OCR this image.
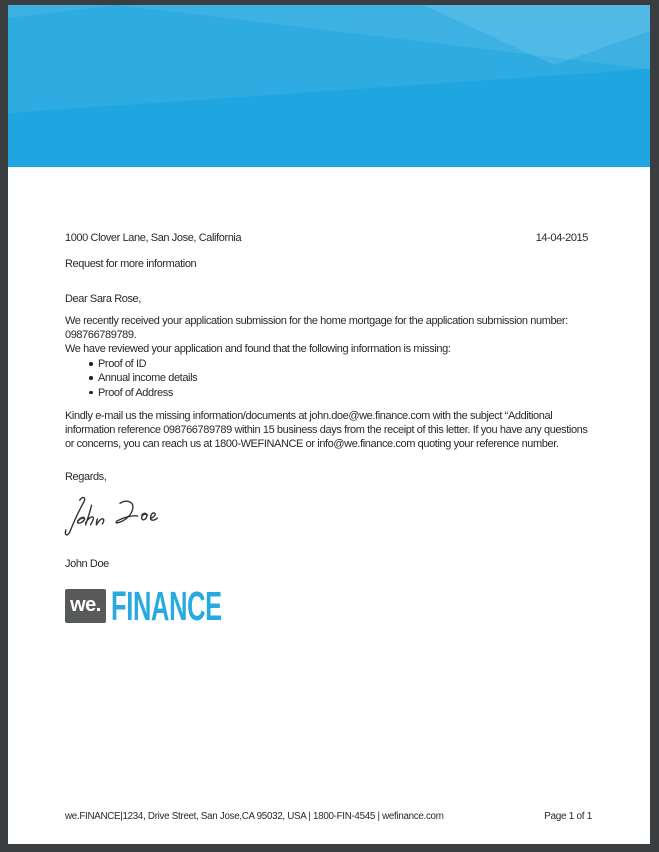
1000 Clover Lane, San Jose, California	14-04-2015
Request for more information
Dear Sara Rose,
We recently received your application submission for the home mortgage for the application submission number:
098766789789.
We have reviewed your application and found that the following information is missing:
Proof of ID
Annual income details
Proof of Address
Kindly e-mail us the missing information/documents at john.doe@we.finance.com with the subject “Additional
information reference 098766789789 within 15 business days from the receipt of this letter. If you have any questions
or concerns, you can reach us at 1800-WEFINANCE or info@we.finance.com quoting your reference number.
Regards,
John Doe
we. FINANCE
we.FINANCE|1234, Drive Street, San Jose,CA 95032, USA | 1800-FIN-4545 | wefinance.com	Page 1 of 1
